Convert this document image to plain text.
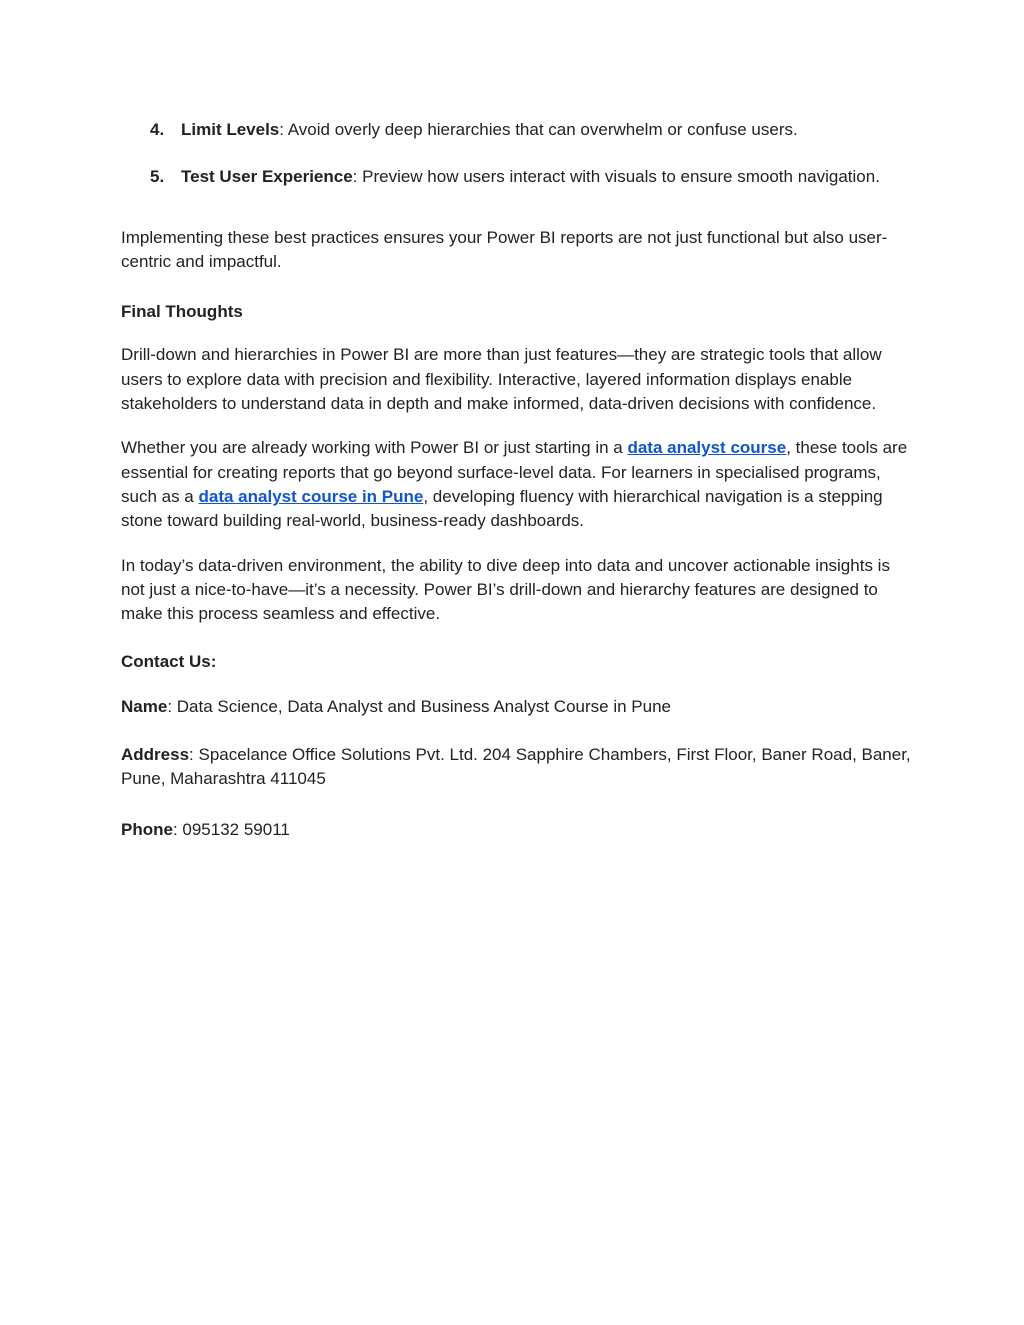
4. Limit Levels: Avoid overly deep hierarchies that can overwhelm or confuse users.
5. Test User Experience: Preview how users interact with visuals to ensure smooth navigation.

Implementing these best practices ensures your Power BI reports are not just functional but also user-centric and impactful.

Final Thoughts

Drill-down and hierarchies in Power BI are more than just features—they are strategic tools that allow users to explore data with precision and flexibility. Interactive, layered information displays enable stakeholders to understand data in depth and make informed, data-driven decisions with confidence.

Whether you are already working with Power BI or just starting in a data analyst course, these tools are essential for creating reports that go beyond surface-level data. For learners in specialised programs, such as a data analyst course in Pune, developing fluency with hierarchical navigation is a stepping stone toward building real-world, business-ready dashboards.

In today’s data-driven environment, the ability to dive deep into data and uncover actionable insights is not just a nice-to-have—it’s a necessity. Power BI’s drill-down and hierarchy features are designed to make this process seamless and effective.

Contact Us:

Name: Data Science, Data Analyst and Business Analyst Course in Pune

Address: Spacelance Office Solutions Pvt. Ltd. 204 Sapphire Chambers, First Floor, Baner Road, Baner, Pune, Maharashtra 411045

Phone: 095132 59011
